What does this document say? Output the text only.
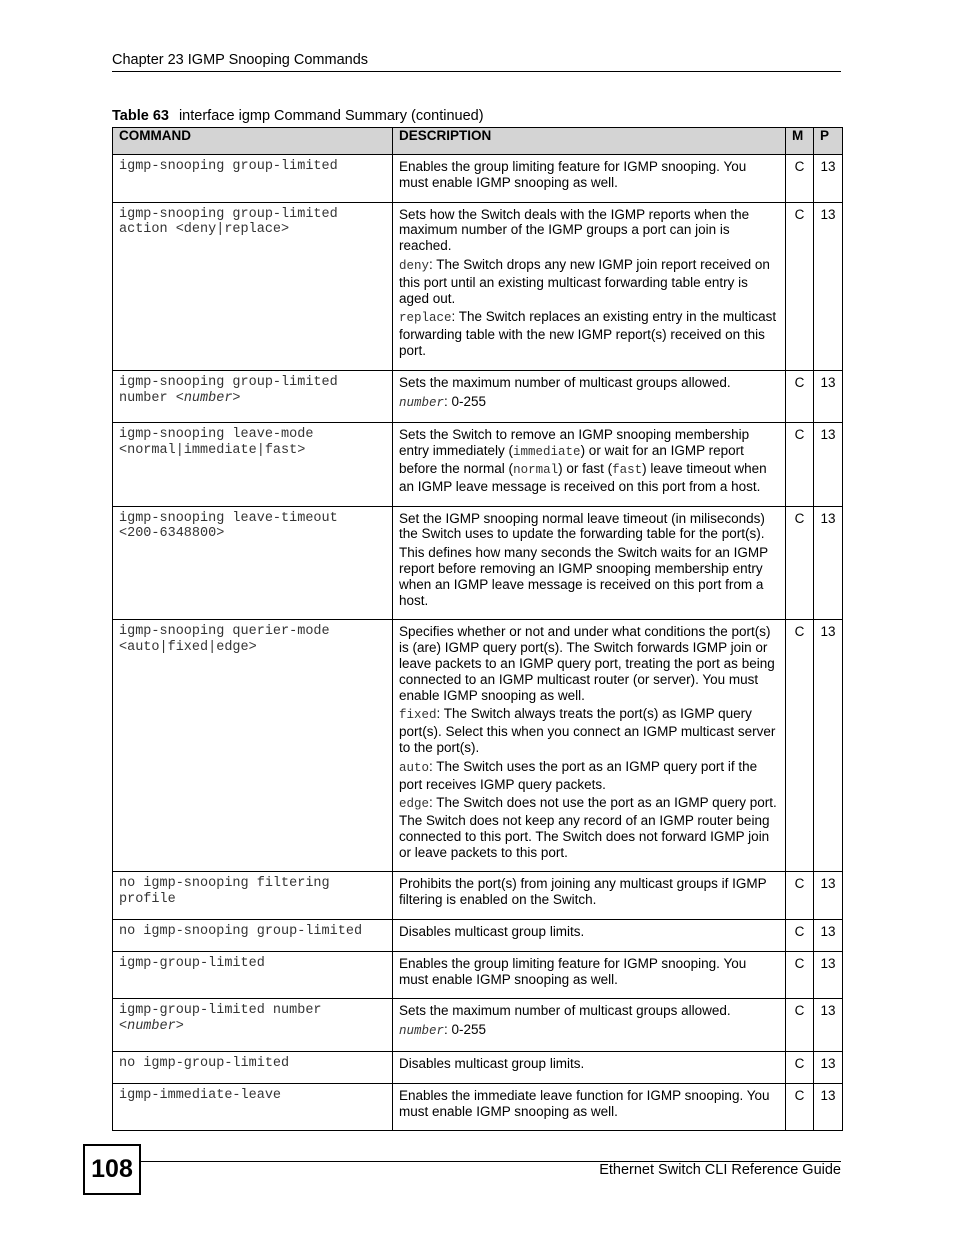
Chapter 23 IGMP Snooping Commands
Table 63 interface igmp Command Summary (continued)
COMMAND	DESCRIPTION	M	P
igmp-snooping group-limited	Enables the group limiting feature for IGMP snooping. You must enable IGMP snooping as well.	C	13
igmp-snooping group-limited action <deny|replace>	Sets how the Switch deals with the IGMP reports when the maximum number of the IGMP groups a port can join is reached.

deny: The Switch drops any new IGMP join report received on this port until an existing multicast forwarding table entry is aged out.

replace: The Switch replaces an existing entry in the multicast forwarding table with the new IGMP report(s) received on this port.	C	13
igmp-snooping group-limited number <number>	Sets the maximum number of multicast groups allowed.

number: 0-255	C	13
igmp-snooping leave-mode <normal|immediate|fast>	Sets the Switch to remove an IGMP snooping membership entry immediately (immediate) or wait for an IGMP report before the normal (normal) or fast (fast) leave timeout when an IGMP leave message is received on this port from a host.	C	13
igmp-snooping leave-timeout <200-6348800>	Set the IGMP snooping normal leave timeout (in miliseconds) the Switch uses to update the forwarding table for the port(s).

This defines how many seconds the Switch waits for an IGMP report before removing an IGMP snooping membership entry when an IGMP leave message is received on this port from a host.	C	13
igmp-snooping querier-mode <auto|fixed|edge>	Specifies whether or not and under what conditions the port(s) is (are) IGMP query port(s). The Switch forwards IGMP join or leave packets to an IGMP query port, treating the port as being connected to an IGMP multicast router (or server). You must enable IGMP snooping as well.

fixed: The Switch always treats the port(s) as IGMP query port(s). Select this when you connect an IGMP multicast server to the port(s).

auto: The Switch uses the port as an IGMP query port if the port receives IGMP query packets.

edge: The Switch does not use the port as an IGMP query port. The Switch does not keep any record of an IGMP router being connected to this port. The Switch does not forward IGMP join or leave packets to this port.	C	13
no igmp-snooping filtering profile	Prohibits the port(s) from joining any multicast groups if IGMP filtering is enabled on the Switch.	C	13
no igmp-snooping group-limited	Disables multicast group limits.	C	13
igmp-group-limited	Enables the group limiting feature for IGMP snooping. You must enable IGMP snooping as well.	C	13
igmp-group-limited number <number>	Sets the maximum number of multicast groups allowed.

number: 0-255	C	13
no igmp-group-limited	Disables multicast group limits.	C	13
igmp-immediate-leave	Enables the immediate leave function for IGMP snooping. You must enable IGMP snooping as well.	C	13
108	Ethernet Switch CLI Reference Guide
